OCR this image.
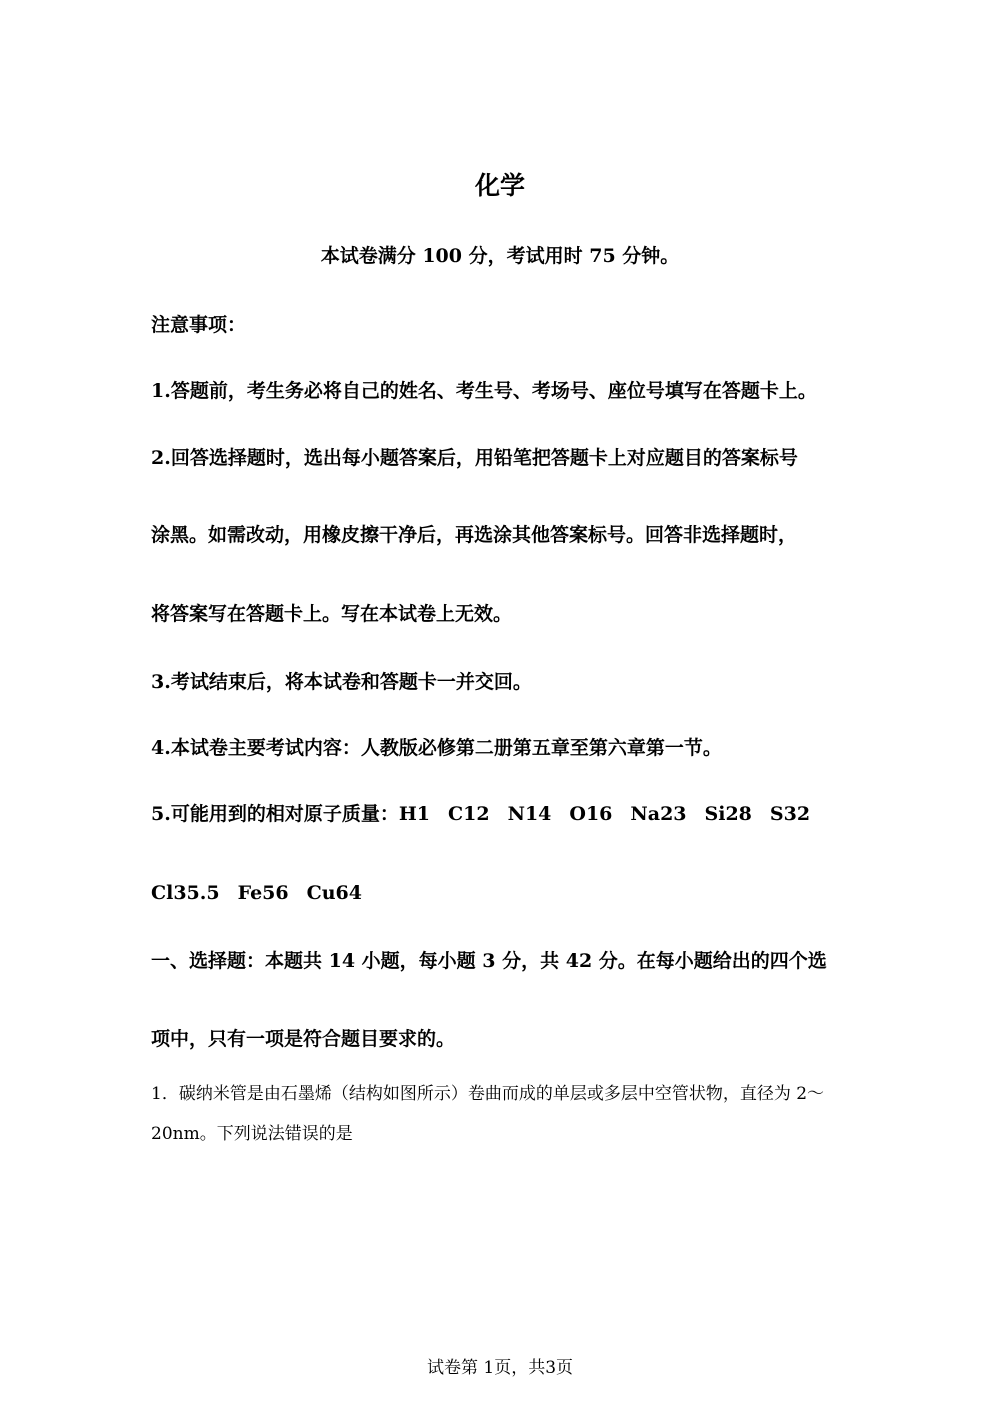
化学
本试卷满分 100 分，考试用时 75 分钟。
注意事项：
1.答题前，考生务必将自己的姓名、考生号、考场号、座位号填写在答题卡上。
2.回答选择题时，选出每小题答案后，用铅笔把答题卡上对应题目的答案标号
涂黑。如需改动，用橡皮擦干净后，再选涂其他答案标号。回答非选择题时，
将答案写在答题卡上。写在本试卷上无效。
3.考试结束后，将本试卷和答题卡一并交回。
4.本试卷主要考试内容：人教版必修第二册第五章至第六章第一节。
5.可能用到的相对原子质量：H1 C12 N14 O16 Na23 Si28 S32
Cl35.5 Fe56 Cu64
一、选择题：本题共 14 小题，每小题 3 分，共 42 分。在每小题给出的四个选
项中，只有一项是符合题目要求的。
1．碳纳米管是由石墨烯（结构如图所示）卷曲而成的单层或多层中空管状物，直径为 2～
20nm。下列说法错误的是
试卷第 1页，共3页
